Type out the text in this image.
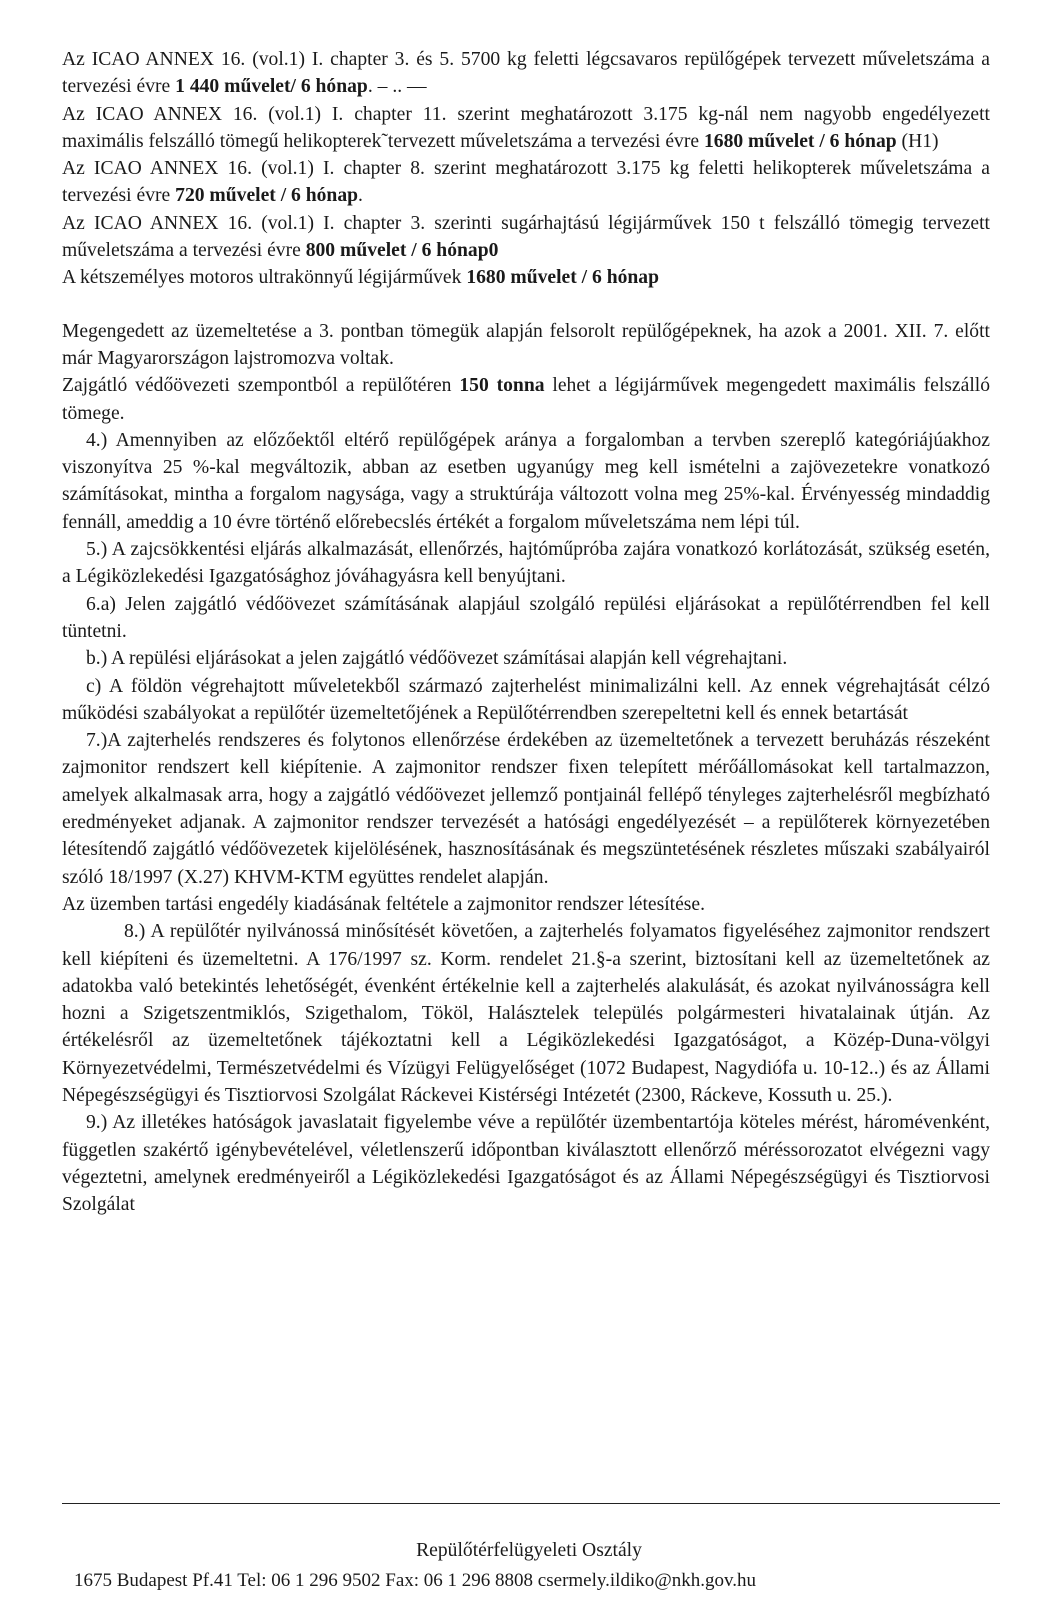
Az ICAO ANNEX 16. (vol.1) I. chapter 3. és 5. 5700 kg feletti légcsavaros repülőgépek tervezett műveletszáma a tervezési évre 1 440 művelet/ 6 hónap. – .. —

Az ICAO ANNEX 16. (vol.1) I. chapter 11. szerint meghatározott 3.175 kg-nál nem nagyobb engedélyezett maximális felszálló tömegű helikopterek˜tervezett műveletszáma a tervezési évre 1680 művelet / 6 hónap (H1)

Az ICAO ANNEX 16. (vol.1) I. chapter 8. szerint meghatározott 3.175 kg feletti helikopterek műveletszáma a tervezési évre 720 művelet / 6 hónap.

Az ICAO ANNEX 16. (vol.1) I. chapter 3. szerinti sugárhajtású légijárművek 150 t felszálló tömegig tervezett műveletszáma a tervezési évre 800 művelet / 6 hónap0

A kétszemélyes motoros ultrakönnyű légijárművek 1680 művelet / 6 hónap

Megengedett az üzemeltetése a 3. pontban tömegük alapján felsorolt repülőgépeknek, ha azok a 2001. XII. 7. előtt már Magyarországon lajstromozva voltak.

Zajgátló védőövezeti szempontból a repülőtéren 150 tonna lehet a légijárművek megengedett maximális felszálló tömege.

4.) Amennyiben az előzőektől eltérő repülőgépek aránya a forgalomban a tervben szereplő kategóriájúakhoz viszonyítva 25 %-kal megváltozik, abban az esetben ugyanúgy meg kell ismételni a zajövezetekre vonatkozó számításokat, mintha a forgalom nagysága, vagy a struktúrája változott volna meg 25%-kal. Érvényesség mindaddig fennáll, ameddig a 10 évre történő előrebecslés értékét a forgalom műveletszáma nem lépi túl.

5.) A zajcsökkentési eljárás alkalmazását, ellenőrzés, hajtóműpróba zajára vonatkozó korlátozását, szükség esetén, a Légiközlekedési Igazgatósághoz jóváhagyásra kell benyújtani.

6.a) Jelen zajgátló védőövezet számításának alapjául szolgáló repülési eljárásokat a repülőtérrendben fel kell tüntetni.

b.) A repülési eljárásokat a jelen zajgátló védőövezet számításai alapján kell végrehajtani.

c) A földön végrehajtott műveletekből származó zajterhelést minimalizálni kell. Az ennek végrehajtását célzó működési szabályokat a repülőtér üzemeltetőjének a Repülőtérrendben szerepeltetni kell és ennek betartását

7.)A zajterhelés rendszeres és folytonos ellenőrzése érdekében az üzemeltetőnek a tervezett beruházás részeként zajmonitor rendszert kell kiépítenie. A zajmonitor rendszer fixen telepített mérőállomásokat kell tartalmazzon, amelyek alkalmasak arra, hogy a zajgátló védőövezet jellemző pontjainál fellépő tényleges zajterhelésről megbízható eredményeket adjanak. A zajmonitor rendszer tervezését a hatósági engedélyezését – a repülőterek környezetében létesítendő zajgátló védőövezetek kijelölésének, hasznosításának és megszüntetésének részletes műszaki szabályairól szóló 18/1997 (X.27) KHVM-KTM együttes rendelet alapján.

Az üzemben tartási engedély kiadásának feltétele a zajmonitor rendszer létesítése.

8.) A repülőtér nyilvánossá minősítését követően, a zajterhelés folyamatos figyeléséhez zajmonitor rendszert kell kiépíteni és üzemeltetni. A 176/1997 sz. Korm. rendelet 21.§-a szerint, biztosítani kell az üzemeltetőnek az adatokba való betekintés lehetőségét, évenként értékelnie kell a zajterhelés alakulását, és azokat nyilvánosságra kell hozni a Szigetszentmiklós, Szigethalom, Tököl, Halásztelek település polgármesteri hivatalainak útján. Az értékelésről az üzemeltetőnek tájékoztatni kell a Légiközlekedési Igazgatóságot, a Közép-Duna-völgyi Környezetvédelmi, Természetvédelmi és Vízügyi Felügyelőséget (1072 Budapest, Nagydiófa u. 10-12..) és az Állami Népegészségügyi és Tisztiorvosi Szolgálat Ráckevei Kistérségi Intézetét (2300, Ráckeve, Kossuth u. 25.).

9.) Az illetékes hatóságok javaslatait figyelembe véve a repülőtér üzembentartója köteles mérést, háromévenként, független szakértő igénybevételével, véletlenszerű időpontban kiválasztott ellenőrző méréssorozatot elvégezni vagy végeztetni, amelynek eredményeiről a Légiközlekedési Igazgatóságot és az Állami Népegészségügyi és Tisztiorvosi Szolgálat

Repülőtérfelügyeleti Osztály
1675 Budapest Pf.41 Tel: 06 1 296 9502 Fax: 06 1 296 8808 csermely.ildiko@nkh.gov.hu
